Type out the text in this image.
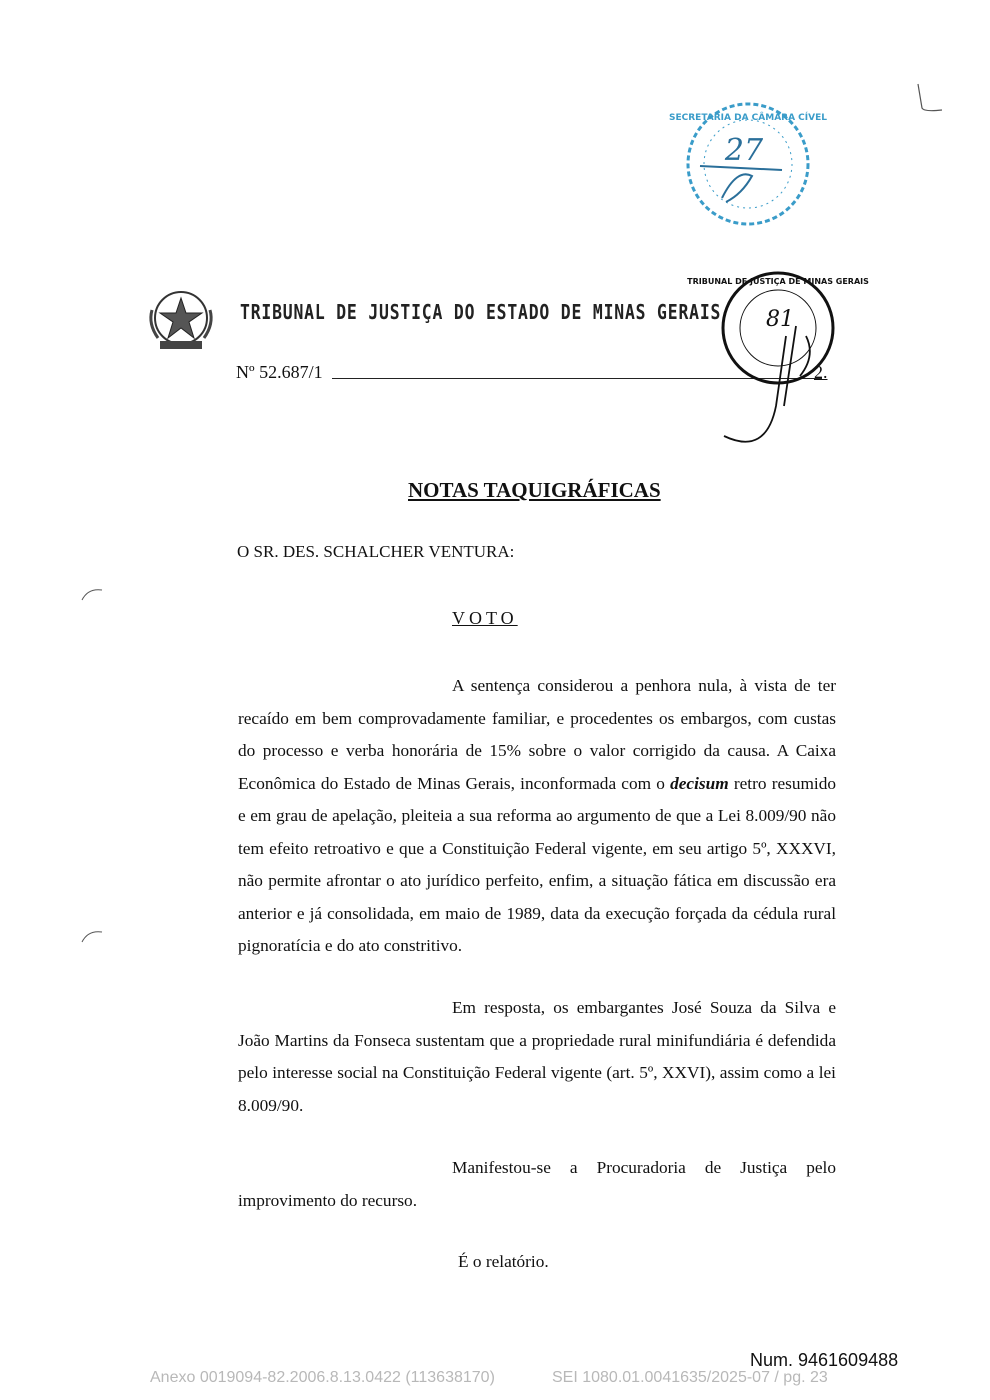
SECRETARIA DA CÂMARA CÍVEL
27
TRIBUNAL DE JUSTIÇA DO ESTADO DE MINAS GERAIS
Nº 52.687/1	2.
TRIBUNAL DE JUSTIÇA DE MINAS GERAIS
81
NOTAS TAQUIGRÁFICAS
O SR. DES. SCHALCHER VENTURA:
VOTO
A sentença considerou a penhora nula, à vista de ter recaído em bem comprovadamente familiar, e procedentes os embargos, com custas do processo e verba honorária de 15% sobre o valor corrigido da causa. A Caixa Econômica do Estado de Minas Gerais, inconformada com o decisum retro resumido e em grau de apelação, pleiteia a sua reforma ao argumento de que a Lei 8.009/90 não tem efeito retroativo e que a Constituição Federal vigente, em seu artigo 5º, XXXVI, não permite afrontar o ato jurídico perfeito, enfim, a situação fática em discussão era anterior e já consolidada, em maio de 1989, data da execução forçada da cédula rural pignoratícia e do ato constritivo.
Em resposta, os embargantes José Souza da Silva e João Martins da Fonseca sustentam que a propriedade rural minifundiária é defendida pelo interesse social na Constituição Federal vigente (art. 5º, XXVI), assim como a lei 8.009/90.
Manifestou-se a Procuradoria de Justiça pelo improvimento do recurso.
É o relatório.
Num. 9461609488
Anexo 0019094-82.2006.8.13.0422 (113638170)	SEI 1080.01.0041635/2025-07 / pg. 23
